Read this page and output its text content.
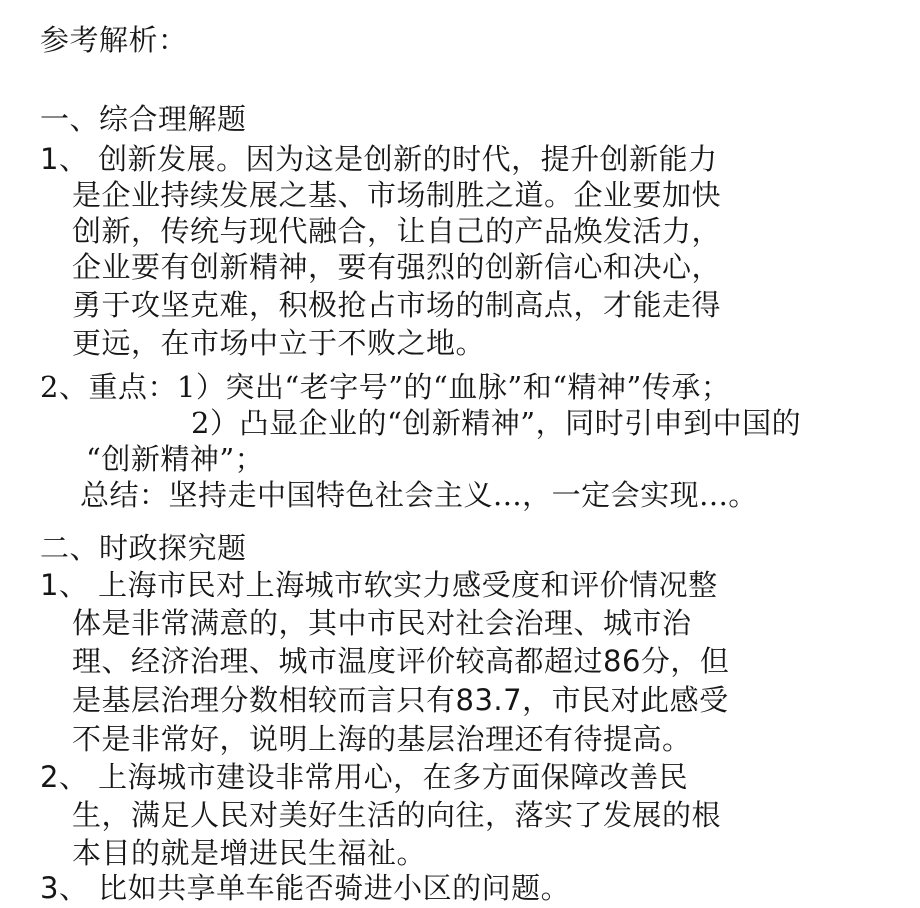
参考解析：
一、综合理解题
1、 创新发展。因为这是创新的时代，提升创新能力
是企业持续发展之基、市场制胜之道。企业要加快
创新，传统与现代融合，让自己的产品焕发活力，
企业要有创新精神，要有强烈的创新信心和决心，
勇于攻坚克难，积极抢占市场的制高点，才能走得
更远，在市场中立于不败之地。
2、重点：1）突出“老字号”的“血脉”和“精神”传承；
2）凸显企业的“创新精神”，同时引申到中国的
“创新精神”；
总结：坚持走中国特色社会主义...，一定会实现...。
二、时政探究题
1、 上海市民对上海城市软实力感受度和评价情况整
体是非常满意的，其中市民对社会治理、城市治
理、经济治理、城市温度评价较高都超过86分，但
是基层治理分数相较而言只有83.7，市民对此感受
不是非常好，说明上海的基层治理还有待提高。
2、 上海城市建设非常用心，在多方面保障改善民
生，满足人民对美好生活的向往，落实了发展的根
本目的就是增进民生福祉。
3、 比如共享单车能否骑进小区的问题。
